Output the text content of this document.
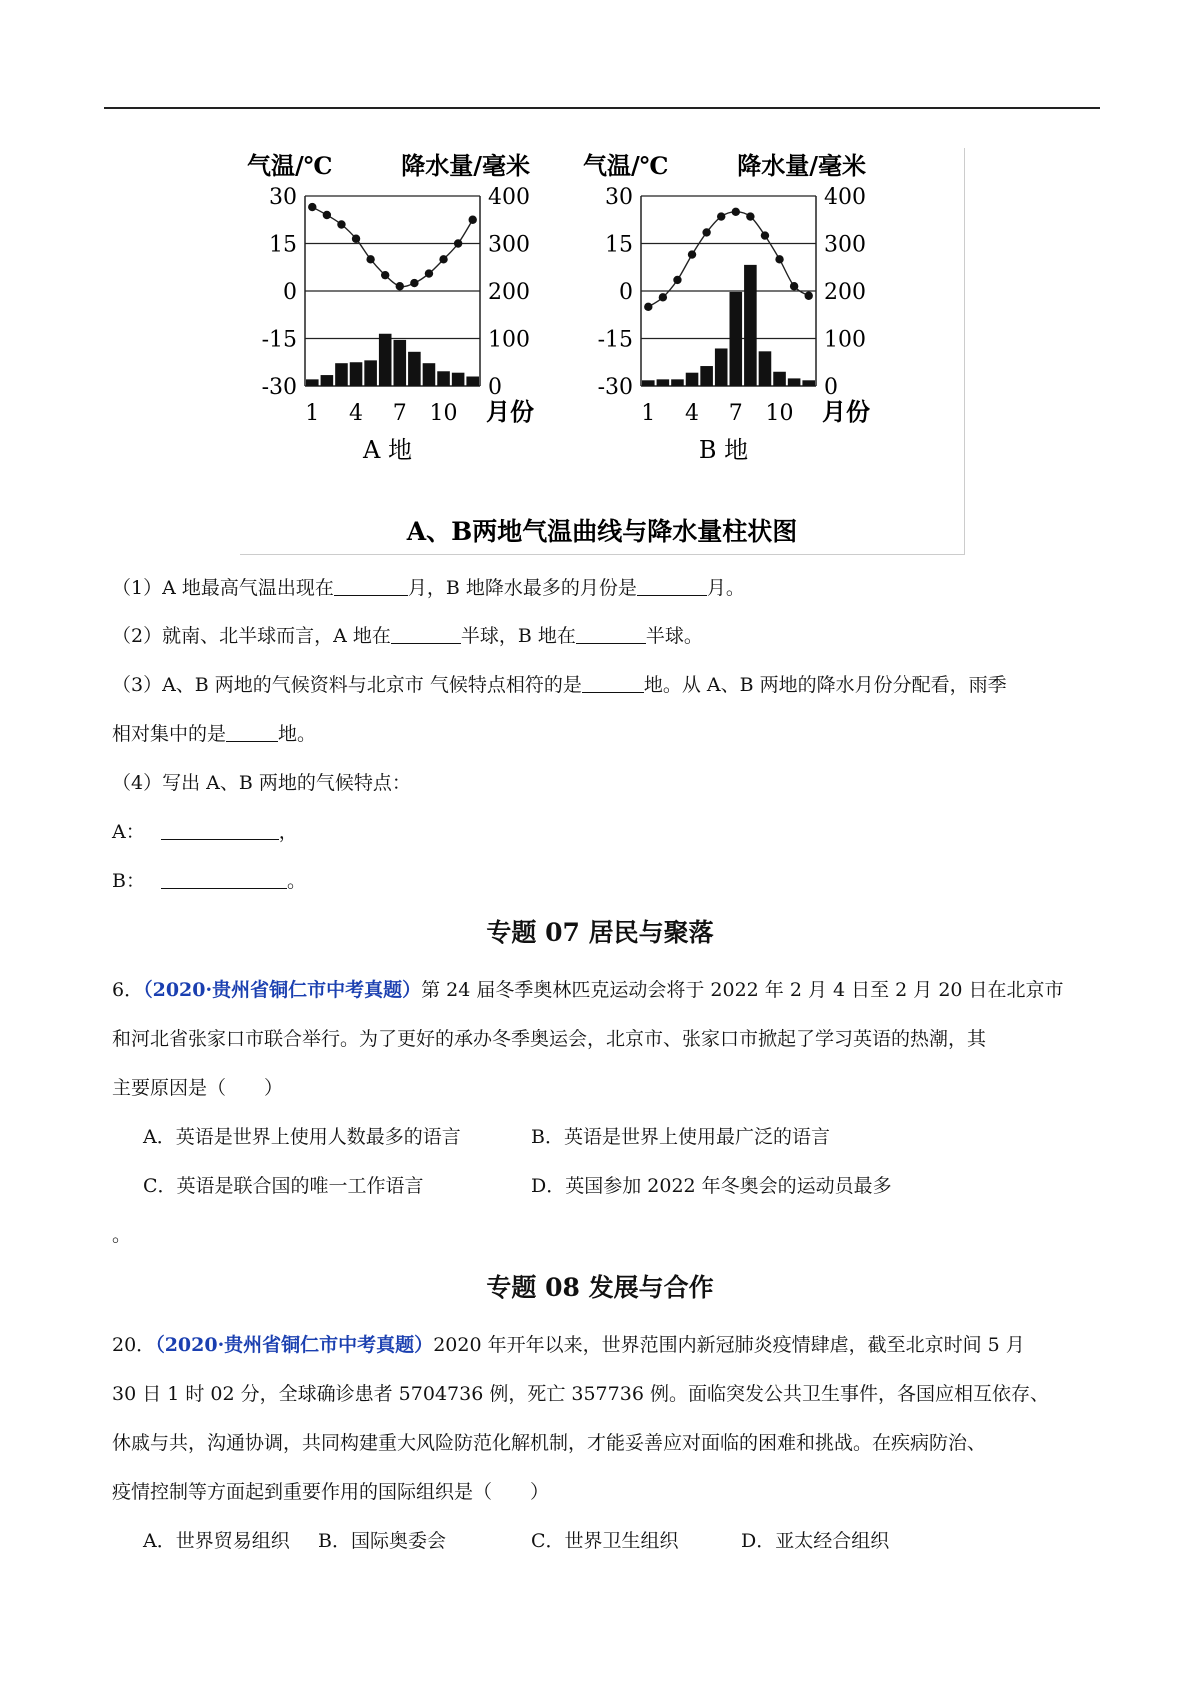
气温/℃	降水量/毫米
30
15
0
-15
-30
400
300
200
100
0
1 4 7 10 月份
A 地
气温/℃	降水量/毫米
30
15
0
-15
-30
400
300
200
100
0
1 4 7 10 月份
B 地
A、B两地气温曲线与降水量柱状图
（1）A 地最高气温出现在	月，B 地降水最多的月份是	月。
（2）就南、北半球而言，A 地在	半球，B 地在	半球。
（3）A、B 两地的气候资料与北京市 气候特点相符的是	地。从 A、B 两地的降水月份分配看，雨季
相对集中的是	地。
（4）写出 A、B 两地的气候特点：
A：	，
B：	。
专题 07 居民与聚落
6．（2020·贵州省铜仁市中考真题）第 24 届冬季奥林匹克运动会将于 2022 年 2 月 4 日至 2 月 20 日在北京市
和河北省张家口市联合举行。为了更好的承办冬季奥运会，北京市、张家口市掀起了学习英语的热潮，其
主要原因是（　　）
A．英语是世界上使用人数最多的语言	B．英语是世界上使用最广泛的语言
C．英语是联合国的唯一工作语言	D．英国参加 2022 年冬奥会的运动员最多
。
专题 08 发展与合作
20．（2020·贵州省铜仁市中考真题）2020 年开年以来，世界范围内新冠肺炎疫情肆虐，截至北京时间 5 月
30 日 1 时 02 分，全球确诊患者 5704736 例，死亡 357736 例。面临突发公共卫生事件，各国应相互依存、
休戚与共，沟通协调，共同构建重大风险防范化解机制，才能妥善应对面临的困难和挑战。在疾病防治、
疫情控制等方面起到重要作用的国际组织是（　　）
A．世界贸易组织 B．国际奥委会	C．世界卫生组织	D．亚太经合组织
